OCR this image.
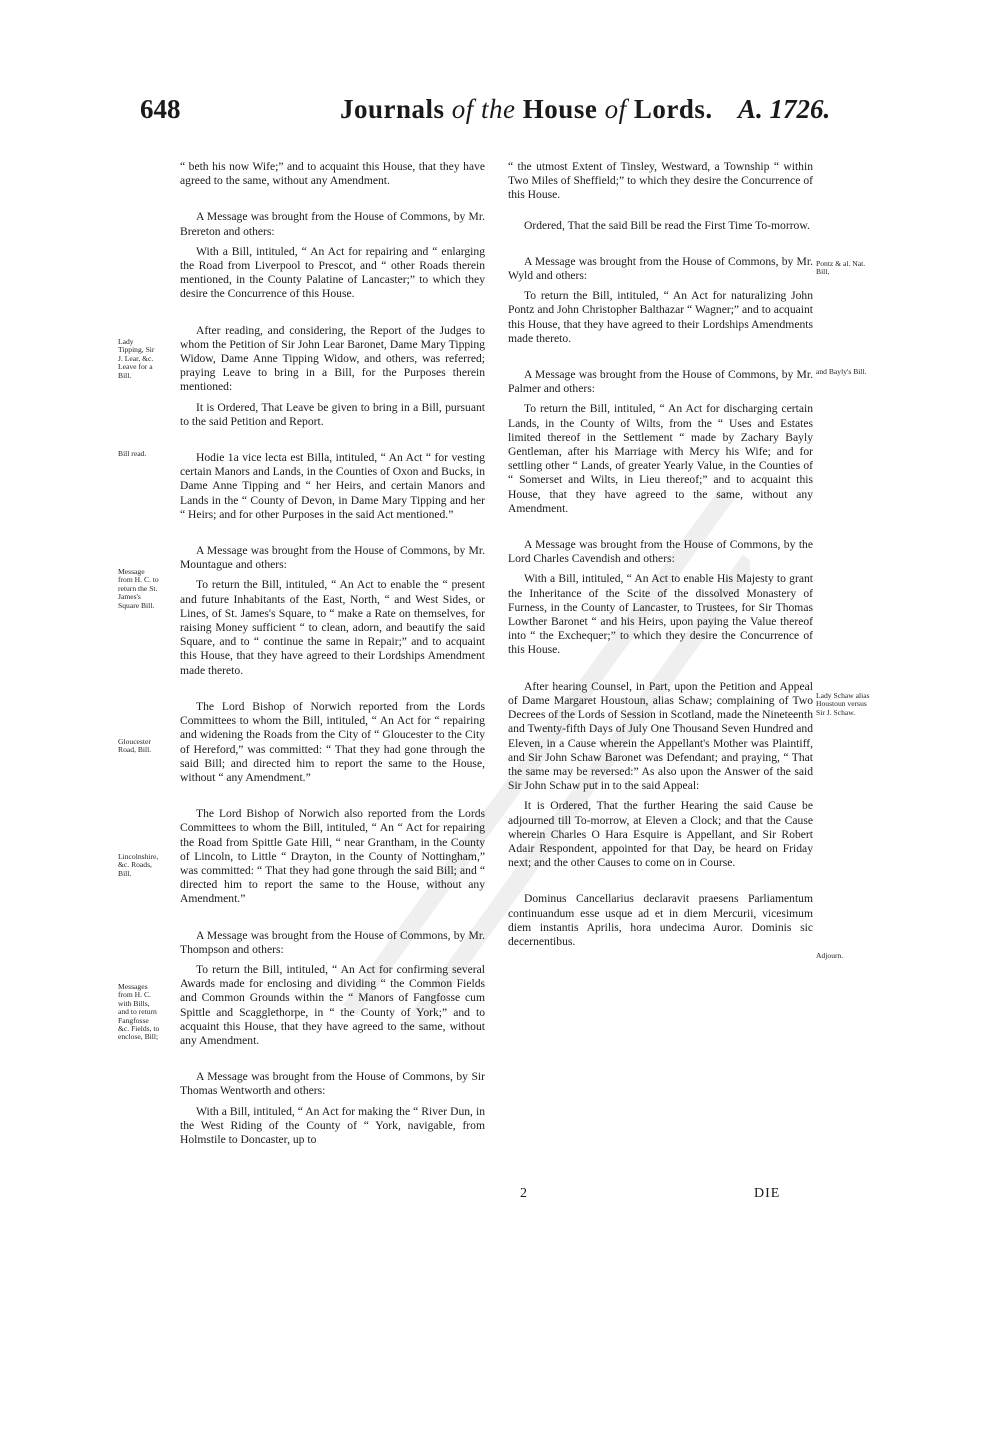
648	Journals of the House of Lords. A. 1726.
Lady Tipping, Sir J. Lear, &c. Leave for a Bill.
Bill read.
Message from H. C. to return the St. James's Square Bill.
Gloucester Road, Bill.
Lincolnshire, &c. Roads, Bill.
Messages from H. C. with Bills, and to return Fangfosse &c. Fields, to enclose, Bill;
Pontz & al. Nat. Bill,
and Bayly's Bill.
Lady Schaw alias Houstoun versus Sir J. Schaw.
Adjourn.

“ beth his now Wife;” and to acquaint this House, that they have agreed to the same, without any Amendment.

A Message was brought from the House of Commons, by Mr. Brereton and others:

With a Bill, intituled, “ An Act for repairing and “ enlarging the Road from Liverpool to Prescot, and “ other Roads therein mentioned, in the County Palatine of Lancaster;” to which they desire the Concurrence of this House.

After reading, and considering, the Report of the Judges to whom the Petition of Sir John Lear Baronet, Dame Mary Tipping Widow, Dame Anne Tipping Widow, and others, was referred; praying Leave to bring in a Bill, for the Purposes therein mentioned:

It is Ordered, That Leave be given to bring in a Bill, pursuant to the said Petition and Report.

Hodie 1a vice lecta est Billa, intituled, “ An Act “ for vesting certain Manors and Lands, in the Counties of Oxon and Bucks, in Dame Anne Tipping and “ her Heirs, and certain Manors and Lands in the “ County of Devon, in Dame Mary Tipping and her “ Heirs; and for other Purposes in the said Act mentioned.”

A Message was brought from the House of Commons, by Mr. Mountague and others:

To return the Bill, intituled, “ An Act to enable the “ present and future Inhabitants of the East, North, “ and West Sides, or Lines, of St. James's Square, to “ make a Rate on themselves, for raising Money sufficient “ to clean, adorn, and beautify the said Square, and to “ continue the same in Repair;” and to acquaint this House, that they have agreed to their Lordships Amendment made thereto.

The Lord Bishop of Norwich reported from the Lords Committees to whom the Bill, intituled, “ An Act for “ repairing and widening the Roads from the City of “ Gloucester to the City of Hereford,” was committed: “ That they had gone through the said Bill; and directed him to report the same to the House, without “ any Amendment.”

The Lord Bishop of Norwich also reported from the Lords Committees to whom the Bill, intituled, “ An “ Act for repairing the Road from Spittle Gate Hill, “ near Grantham, in the County of Lincoln, to Little “ Drayton, in the County of Nottingham,” was committed: “ That they had gone through the said Bill; and “ directed him to report the same to the House, without any Amendment.”

A Message was brought from the House of Commons, by Mr. Thompson and others:

To return the Bill, intituled, “ An Act for confirming several Awards made for enclosing and dividing “ the Common Fields and Common Grounds within the “ Manors of Fangfosse cum Spittle and Scagglethorpe, in “ the County of York;” and to acquaint this House, that they have agreed to the same, without any Amendment.

A Message was brought from the House of Commons, by Sir Thomas Wentworth and others:

With a Bill, intituled, “ An Act for making the “ River Dun, in the West Riding of the County of “ York, navigable, from Holmstile to Doncaster, up to

“ the utmost Extent of Tinsley, Westward, a Township “ within Two Miles of Sheffield;” to which they desire the Concurrence of this House.

Ordered, That the said Bill be read the First Time To-morrow.

A Message was brought from the House of Commons, by Mr. Wyld and others:

To return the Bill, intituled, “ An Act for naturalizing John Pontz and John Christopher Balthazar “ Wagner;” and to acquaint this House, that they have agreed to their Lordships Amendments made thereto.

A Message was brought from the House of Commons, by Mr. Palmer and others:

To return the Bill, intituled, “ An Act for discharging certain Lands, in the County of Wilts, from the “ Uses and Estates limited thereof in the Settlement “ made by Zachary Bayly Gentleman, after his Marriage with Mercy his Wife; and for settling other “ Lands, of greater Yearly Value, in the Counties of “ Somerset and Wilts, in Lieu thereof;” and to acquaint this House, that they have agreed to the same, without any Amendment.

A Message was brought from the House of Commons, by the Lord Charles Cavendish and others:

With a Bill, intituled, “ An Act to enable His Majesty to grant the Inheritance of the Scite of the dissolved Monastery of Furness, in the County of Lancaster, to Trustees, for Sir Thomas Lowther Baronet “ and his Heirs, upon paying the Value thereof into “ the Exchequer;” to which they desire the Concurrence of this House.

After hearing Counsel, in Part, upon the Petition and Appeal of Dame Margaret Houstoun, alias Schaw; complaining of Two Decrees of the Lords of Session in Scotland, made the Nineteenth and Twenty-fifth Days of July One Thousand Seven Hundred and Eleven, in a Cause wherein the Appellant's Mother was Plaintiff, and Sir John Schaw Baronet was Defendant; and praying, “ That the same may be reversed:” As also upon the Answer of the said Sir John Schaw put in to the said Appeal:

It is Ordered, That the further Hearing the said Cause be adjourned till To-morrow, at Eleven a Clock; and that the Cause wherein Charles O Hara Esquire is Appellant, and Sir Robert Adair Respondent, appointed for that Day, be heard on Friday next; and the other Causes to come on in Course.

Dominus Cancellarius declaravit praesens Parliamentum continuandum esse usque ad et in diem Mercurii, vicesimum diem instantis Aprilis, hora undecima Auror. Dominis sic decernentibus.

2	DIE
